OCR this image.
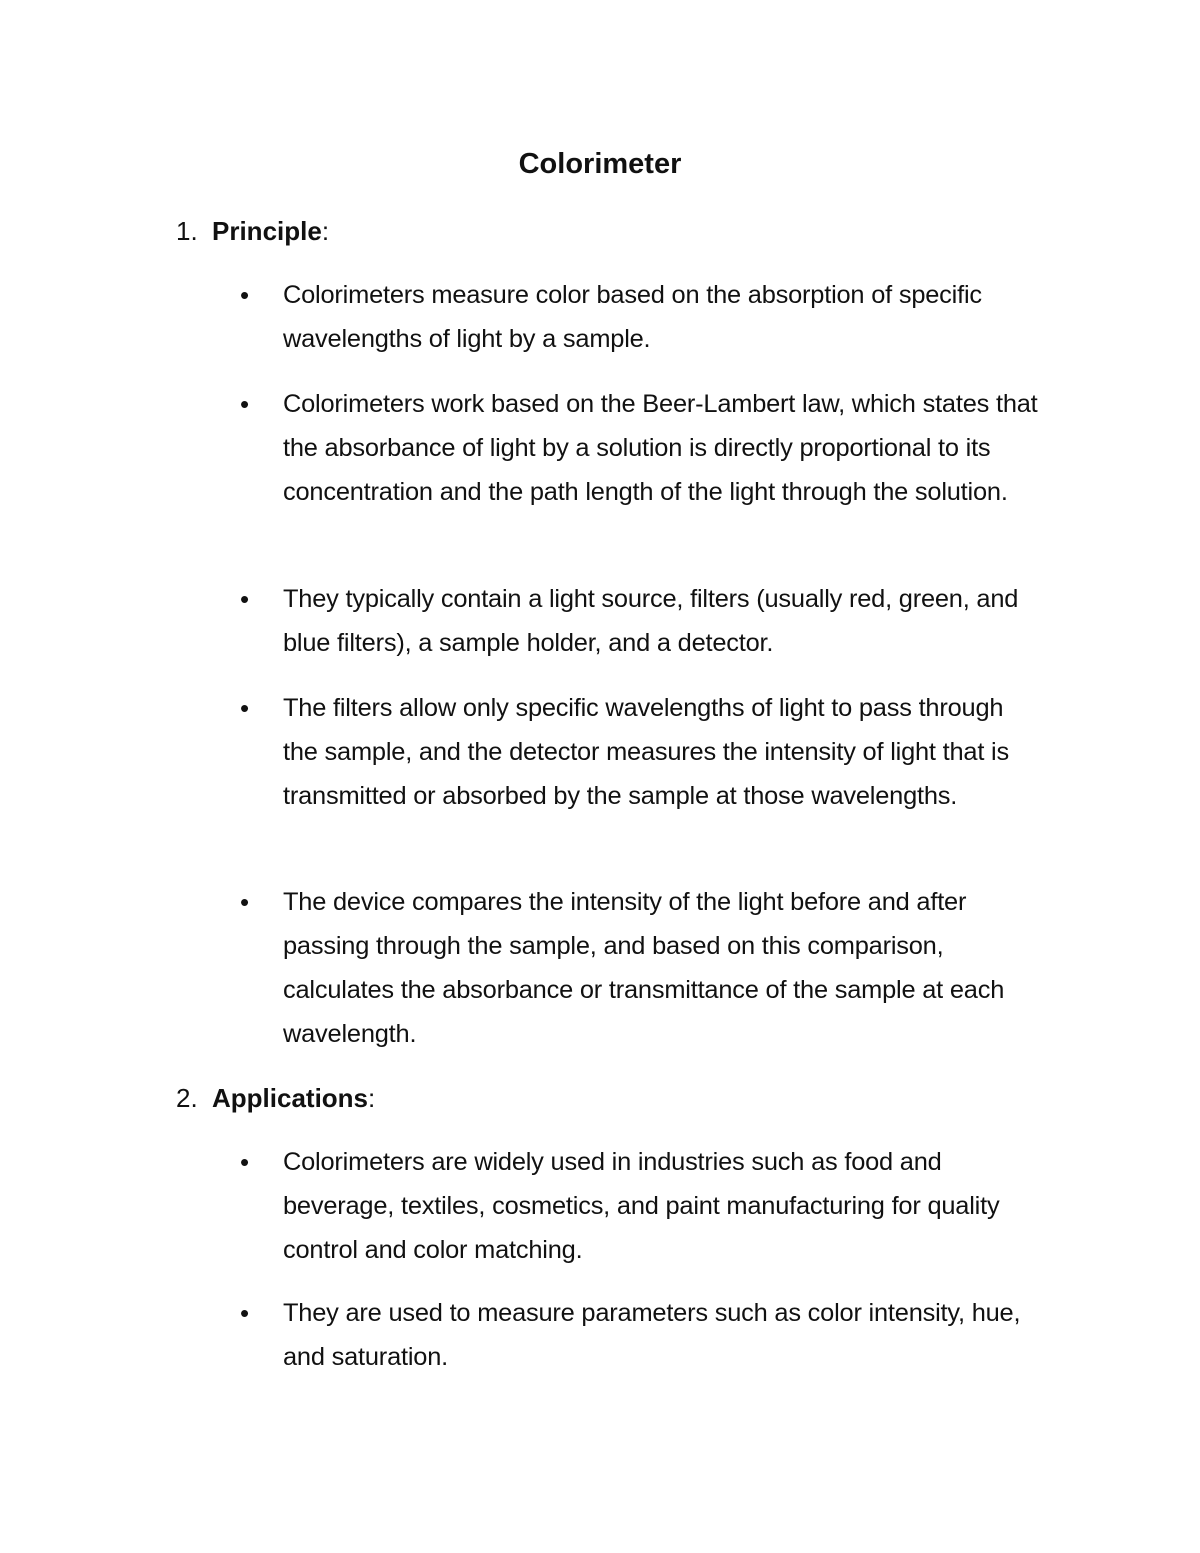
Colorimeter
1. Principle:
• Colorimeters measure color based on the absorption of specific wavelengths of light by a sample.
• Colorimeters work based on the Beer-Lambert law, which states that the absorbance of light by a solution is directly proportional to its concentration and the path length of the light through the solution.
• They typically contain a light source, filters (usually red, green, and blue filters), a sample holder, and a detector.
• The filters allow only specific wavelengths of light to pass through the sample, and the detector measures the intensity of light that is transmitted or absorbed by the sample at those wavelengths.
• The device compares the intensity of the light before and after passing through the sample, and based on this comparison, calculates the absorbance or transmittance of the sample at each wavelength.
2. Applications:
• Colorimeters are widely used in industries such as food and beverage, textiles, cosmetics, and paint manufacturing for quality control and color matching.
• They are used to measure parameters such as color intensity, hue, and saturation.
